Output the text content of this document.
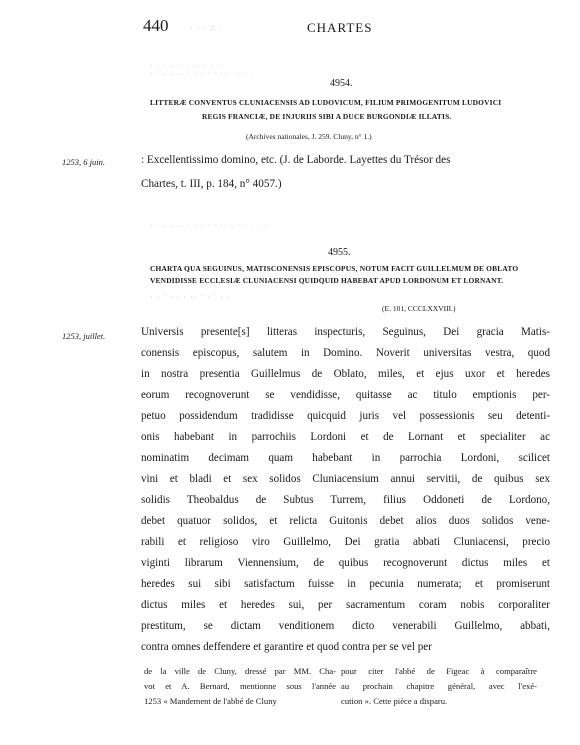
440	CHARTES
· · · ∴ ·
· · ˙ · ·˙ · ·· · · ˙·
· ˙ · · ·· ˙ · · ˙ · ·· ˙ · · ˙
· ˙ · · ·· ˙ · · ˙ · ·· · ˙ · ˙ · ·
· · ˙ · · · ·· ˙ · ˙ · ·
4954.
LITTERÆ CONVENTUS CLUNIACENSIS AD LUDOVICUM, FILIUM PRIMOGENITUM LUDOVICI
REGIS FRANCIÆ, DE INJURIIS SIBI A DUCE BURGONDIÆ ILLATIS.
(Archives nationales, J. 259. Cluny, n° 1.)
1253, 6 juin.	: Excellentissimo domino, etc. (J. de Laborde. Layettes du Trésor des
Chartes, t. III, p. 184, n° 4057.)
4955.
CHARTA QUA SEGUINUS, MATISCONENSIS EPISCOPUS, NOTUM FACIT GUILLELMUM DE OBLATO
VENDIDISSE ECCLESIÆ CLUNIACENSI QUIDQUID HABEBAT APUD LORDONUM ET LORNANT.
(E. 101, CCCLXXVIII.)
1253, juillet.	Universis presente[s] litteras inspecturis, Seguinus, Dei gracia Matis-
conensis episcopus, salutem in Domino. Noverit universitas vestra, quod
in nostra presentia Guillelmus de Oblato, miles, et ejus uxor et heredes
eorum recognoverunt se vendidisse, quitasse ac titulo emptionis per-
petuo possidendum tradidisse quicquid juris vel possessionis seu detenti-
onis habebant in parrochiis Lordoni et de Lornant et specialiter ac
nominatim decimam quam habebant in parrochia Lordoni, scilicet
vini et bladi et sex solidos Cluniacensium annui servitii, de quibus sex
solidis Theobaldus de Subtus Turrem, filius Oddoneti de Lordono,
debet quatuor solidos, et relicta Guitonis debet alios duos solidos vene-
rabili et religioso viro Guillelmo, Dei gratia abbati Cluniacensi, precio
viginti librarum Viennensium, de quibus recognoverunt dictus miles et
heredes sui sibi satisfactum fuisse in pecunia numerata; et promiserunt
dictus miles et heredes sui, per sacramentum coram nobis corporaliter
prestitum, se dictam venditionem dicto venerabili Guillelmo, abbati,
contra omnes deffendere et garantire et quod contra per se vel per
de la ville de Cluny, dressé par MM. Cha-
vot et A. Bernard, mentionne sous l'année
1253 « Mandement de l'abbé de Cluny
pour citer l'abbé de Figeac à comparaître
au prochain chapitre général, avec l'exé-
cution ». Cette pièce a disparu.
